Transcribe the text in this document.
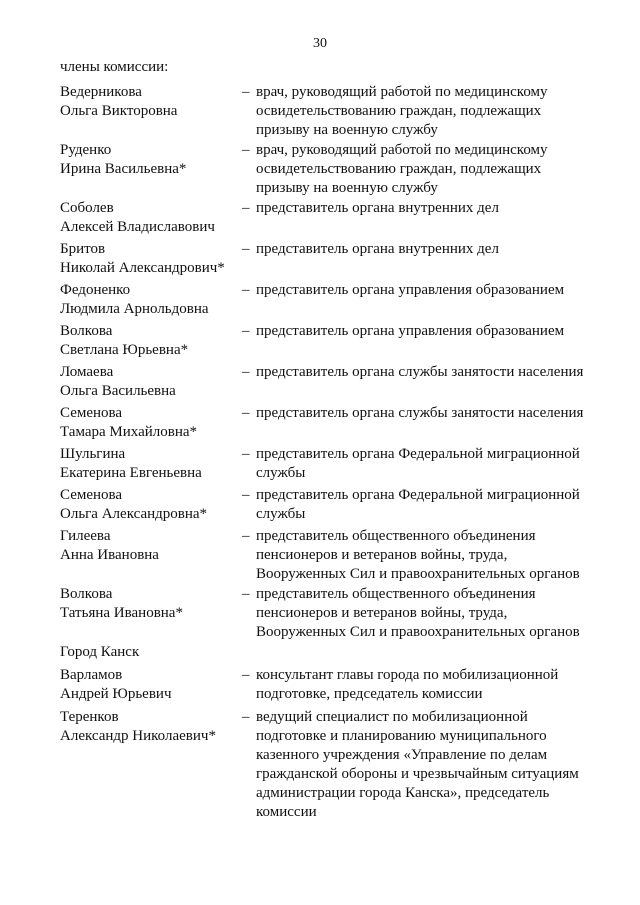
30
члены комиссии:
Ведерникова
Ольга Викторовна
– врач, руководящий работой по медицинскому
освидетельствованию граждан, подлежащих
призыву на военную службу
Руденко
Ирина Васильевна*
– врач, руководящий работой по медицинскому
освидетельствованию граждан, подлежащих
призыву на военную службу
Соболев
Алексей Владиславович
– представитель органа внутренних дел
Бритов
Николай Александрович*
– представитель органа внутренних дел
Федоненко
Людмила Арнольдовна
– представитель органа управления образованием
Волкова
Светлана Юрьевна*
– представитель органа управления образованием
Ломаева
Ольга Васильевна
– представитель органа службы занятости населения
Семенова
Тамара Михайловна*
– представитель органа службы занятости населения
Шульгина
Екатерина Евгеньевна
– представитель органа Федеральной миграционной
службы
Семенова
Ольга Александровна*
– представитель органа Федеральной миграционной
службы
Гилеева
Анна Ивановна
– представитель общественного объединения
пенсионеров и ветеранов войны, труда,
Вооруженных Сил и правоохранительных органов
Волкова
Татьяна Ивановна*
– представитель общественного объединения
пенсионеров и ветеранов войны, труда,
Вооруженных Сил и правоохранительных органов
Город Канск
Варламов
Андрей Юрьевич
– консультант главы города по мобилизационной
подготовке, председатель комиссии
Теренков
Александр Николаевич*
– ведущий специалист по мобилизационной
подготовке и планированию муниципального
казенного учреждения «Управление по делам
гражданской обороны и чрезвычайным ситуациям
администрации города Канска», председатель
комиссии
